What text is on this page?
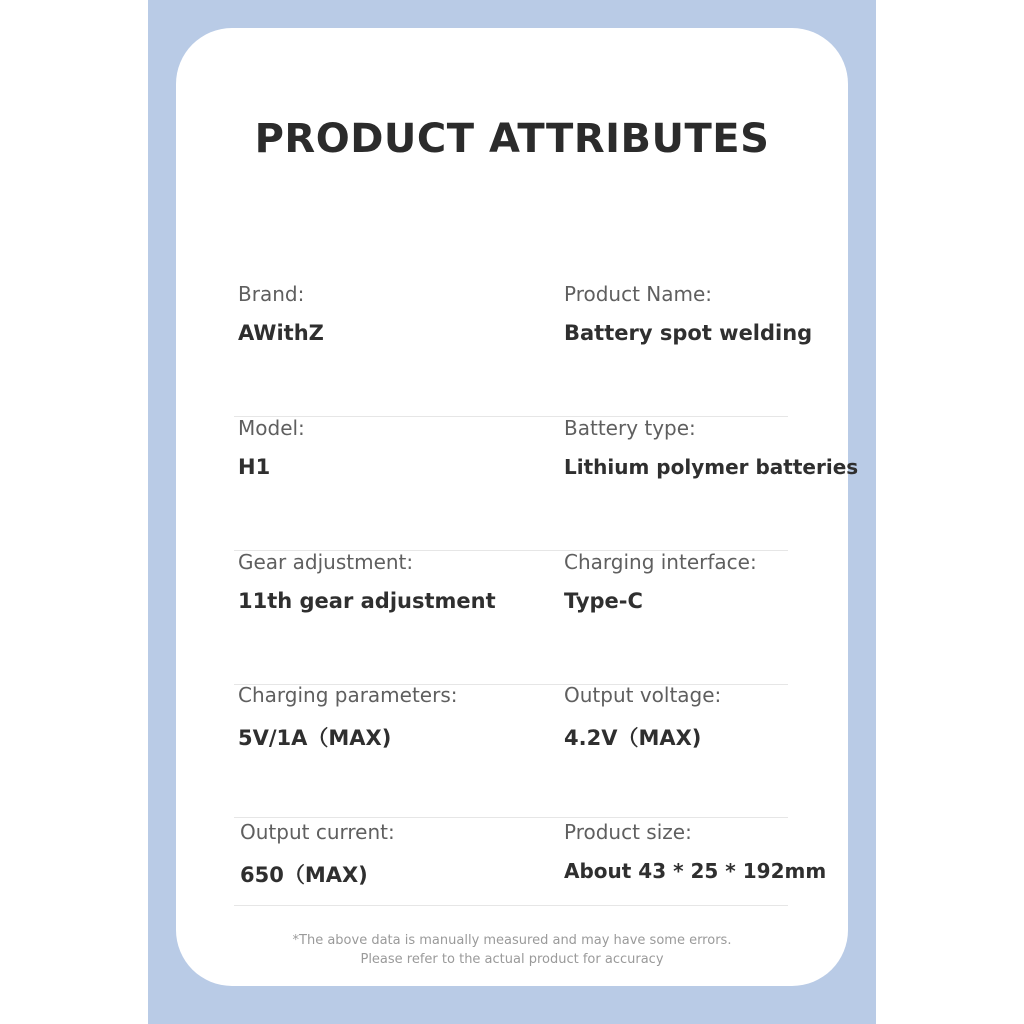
PRODUCT ATTRIBUTES
Brand:
AWithZ
Product Name:
Battery spot welding
Model:
H1
Battery type:
Lithium polymer batteries
Gear adjustment:
11th gear adjustment
Charging interface:
Type-C
Charging parameters:
5V/1A（MAX)
Output voltage:
4.2V（MAX)
Output current:
650（MAX)
Product size:
About 43 * 25 * 192mm
*The above data is manually measured and may have some errors.
Please refer to the actual product for accuracy
